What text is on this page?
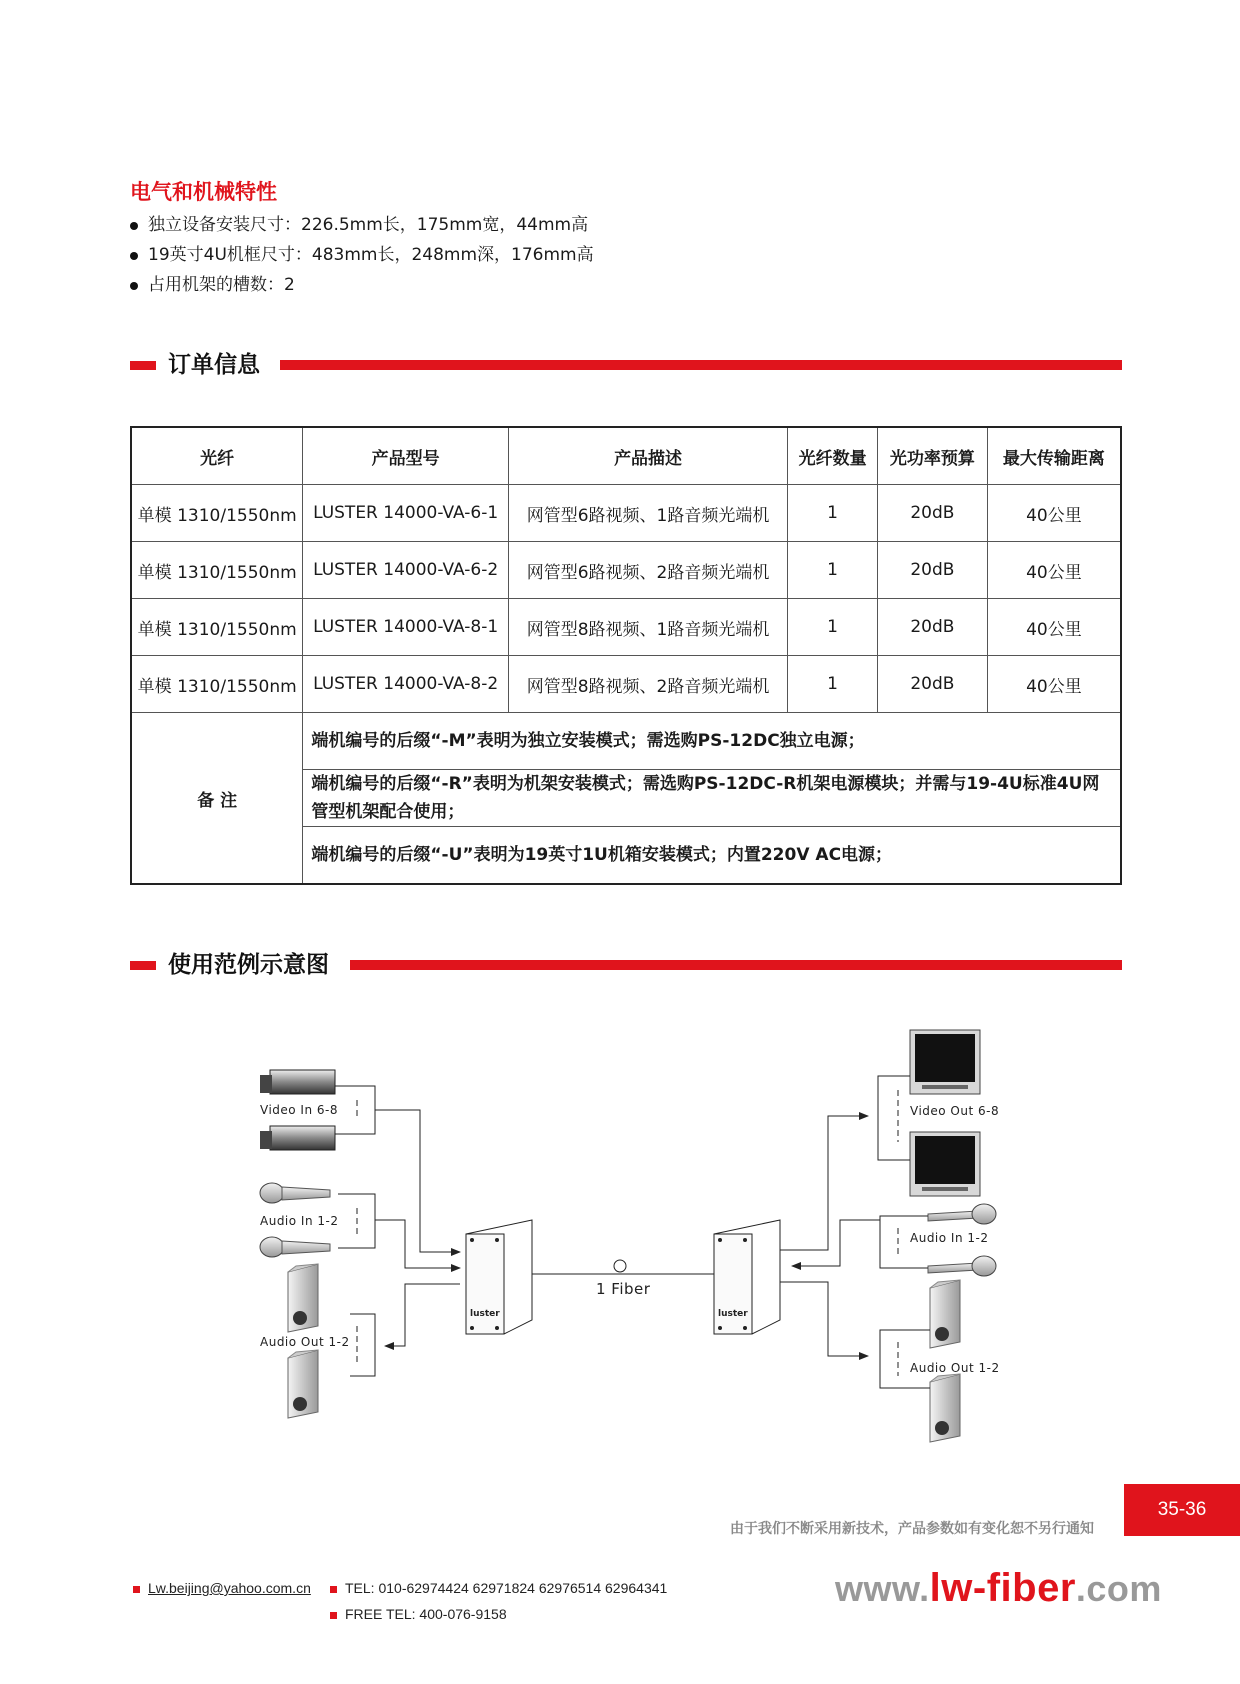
电气和机械特性
独立设备安装尺寸：226.5mm长，175mm宽，44mm高
19英寸4U机框尺寸：483mm长，248mm深，176mm高
占用机架的槽数：2
订单信息
光纤	产品型号	产品描述	光纤数量	光功率预算	最大传输距离
单模 1310/1550nm	LUSTER 14000-VA-6-1	网管型6路视频、1路音频光端机	1	20dB	40公里
单模 1310/1550nm	LUSTER 14000-VA-6-2	网管型6路视频、2路音频光端机	1	20dB	40公里
单模 1310/1550nm	LUSTER 14000-VA-8-1	网管型8路视频、1路音频光端机	1	20dB	40公里
单模 1310/1550nm	LUSTER 14000-VA-8-2	网管型8路视频、2路音频光端机	1	20dB	40公里
备 注	端机编号的后缀“-M”表明为独立安装模式；需选购PS-12DC独立电源；				
	端机编号的后缀“-R”表明为机架安装模式；需选购PS-12DC-R机架电源模块；并需与19-4U标准4U网管型机架配合使用；				
	端机编号的后缀“-U”表明为19英寸1U机箱安装模式；内置220V AC电源；				
使用范例示意图
Video In 6-8
Audio In 1-2
Audio Out 1-2
luster
1 Fiber
luster
Video Out 6-8
Audio In 1-2
Audio Out 1-2
35-36
由于我们不断采用新技术，产品参数如有变化恕不另行通知
Lw.beijing@yahoo.com.cn	TEL: 010-62974424 62971824 62976514 62964341
FREE TEL: 400-076-9158
www.lw-fiber.com
